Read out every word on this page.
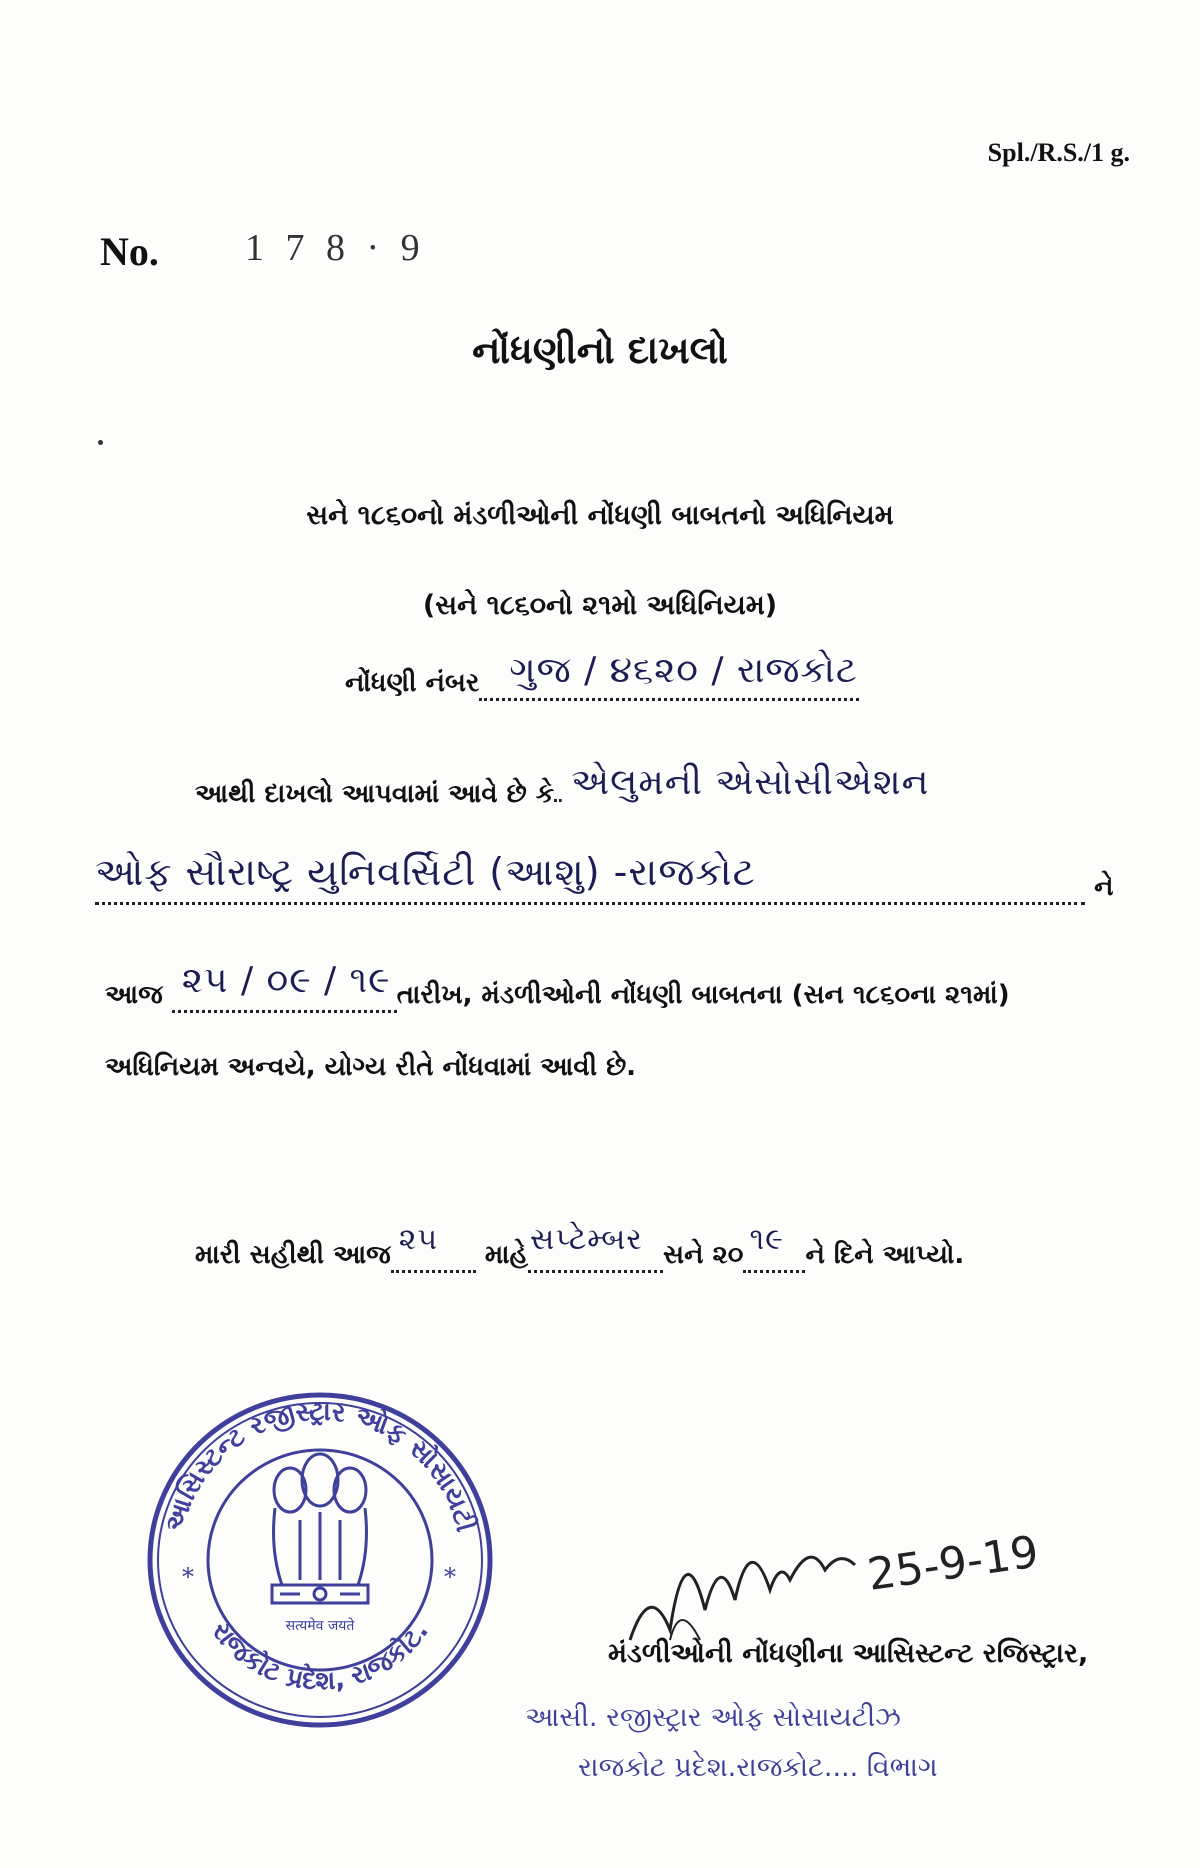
Spl./R.S./1 g.
No. 1 7 8 · 9
નોંધણીનો દાખલો
સને ૧૮૬૦નો મંડળીઓની નોંધણી બાબતનો અધિનિયમ
(સને ૧૮૬૦નો ૨૧મો અધિનિયમ)
નોંધણી નંબર ગુજ / ૪૬૨૦ / રાજકોટ
આથી દાખલો આપવામાં આવે છે કે એલુમની એસોસીએશન
ઓફ સૌરાષ્ટ્ર યુનિવર્સિટી (આશુ) -રાજકોટ	ને
આજ ૨૫ / ૦૯ / ૧૯ તારીખ, મંડળીઓની નોંધણી બાબતના (સન ૧૮૬૦ના ૨૧માં)
અધિનિયમ અન્વયે, યોગ્ય રીતે નોંધવામાં આવી છે.
મારી સહીથી આજ ૨૫ માહે સપ્ટેમ્બર સને ૨૦ ૧૯ ને દિને આપ્યો.
આસિસ્ટન્ટ રજીસ્ટ્રાર ઓફ સોસાયટી
રાજકોટ પ્રદેશ, રાજકોટ.
*	*
सत्यमेव जयते
25-9-19
મંડળીઓની નોંધણીના આસિસ્ટન્ટ રજિસ્ટ્રાર,
આસી. રજીસ્ટ્રાર ઓફ સોસાયટીઝ
રાજકોટ પ્રદેશ.રાજકોટ.... વિભાગ
